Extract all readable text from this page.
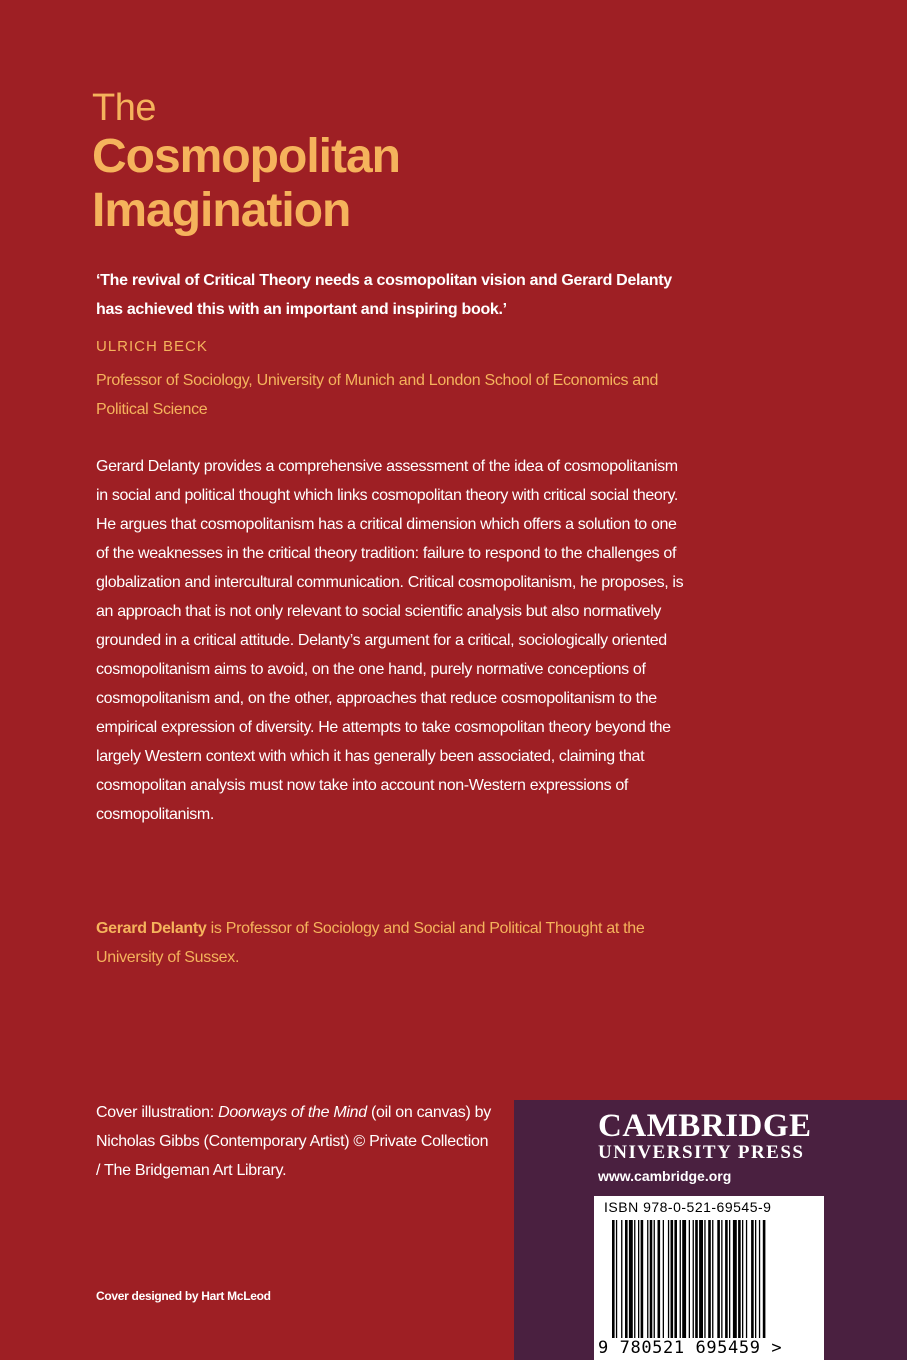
The
Cosmopolitan
Imagination
‘The revival of Critical Theory needs a cosmopolitan vision and Gerard Delanty has achieved this with an important and inspiring book.’
ULRICH BECK
Professor of Sociology, University of Munich and London School of Economics and Political Science
Gerard Delanty provides a comprehensive assessment of the idea of cosmopolitanism in social and political thought which links cosmopolitan theory with critical social theory. He argues that cosmopolitanism has a critical dimension which offers a solution to one of the weaknesses in the critical theory tradition: failure to respond to the challenges of globalization and intercultural communication. Critical cosmopolitanism, he proposes, is an approach that is not only relevant to social scientific analysis but also normatively grounded in a critical attitude. Delanty’s argument for a critical, sociologically oriented cosmopolitanism aims to avoid, on the one hand, purely normative conceptions of cosmopolitanism and, on the other, approaches that reduce cosmopolitanism to the empirical expression of diversity. He attempts to take cosmopolitan theory beyond the largely Western context with which it has generally been associated, claiming that cosmopolitan analysis must now take into account non-Western expressions of cosmopolitanism.
Gerard Delanty is Professor of Sociology and Social and Political Thought at the University of Sussex.
Cover illustration: Doorways of the Mind (oil on canvas) by Nicholas Gibbs (Contemporary Artist) © Private Collection / The Bridgeman Art Library.
Cover designed by Hart McLeod
CAMBRIDGE
UNIVERSITY PRESS
www.cambridge.org
ISBN 978-0-521-69545-9
9 780521 695459 >
